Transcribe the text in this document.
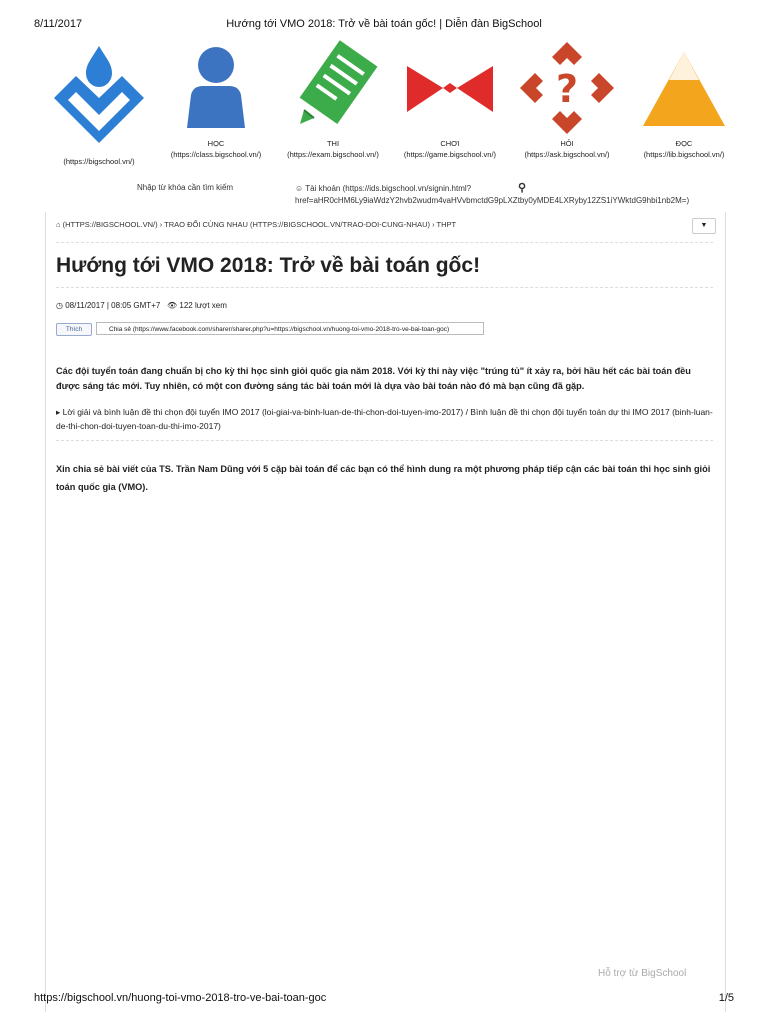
8/11/2017	Hướng tới VMO 2018: Trở về bài toán gốc! | Diễn đàn BigSchool
(https://bigschool.vn/)
HỌC
(https://class.bigschool.vn/)
THI
(https://exam.bigschool.vn/)
CHƠI
(https://game.bigschool.vn/)
?
HỎI
(https://ask.bigschool.vn/)
ĐỌC
(https://lib.bigschool.vn/)
Nhập từ khóa cần tìm kiếm	☺ Tài khoản (https://ids.bigschool.vn/signin.html?href=aHR0cHM6Ly9iaWdzY2hvb2wudm4vaHVvbmctdG9pLXZtby0yMDE4LXRyby12ZS1iYWktdG9hbi1nb2M=)
⚲
⌂ (HTTPS://BIGSCHOOL.VN/) › TRAO ĐỔI CÙNG NHAU (HTTPS://BIGSCHOOL.VN/TRAO-DOI-CUNG-NHAU) › THPT	▼
Hướng tới VMO 2018: Trở về bài toán gốc!
◷ 08/11/2017 | 08:05 GMT+7 👁 122 lượt xem
Thích	Chia sẻ (https://www.facebook.com/sharer/sharer.php?u=https://bigschool.vn/huong-toi-vmo-2018-tro-ve-bai-toan-goc)

Các đội tuyển toán đang chuẩn bị cho kỳ thi học sinh giỏi quốc gia năm 2018. Với kỳ thi này việc "trúng tủ" ít xảy ra, bởi hầu hết các bài toán đều được sáng tác mới. Tuy nhiên, có một con đường sáng tác bài toán mới là dựa vào bài toán nào đó mà bạn cũng đã gặp.

▸ Lời giải và bình luận đề thi chọn đội tuyển IMO 2017 (loi-giai-va-binh-luan-de-thi-chon-doi-tuyen-imo-2017) / Bình luận đề thi chọn đội tuyển toán dự thi IMO 2017 (binh-luan-de-thi-chon-doi-tuyen-toan-du-thi-imo-2017)

Xin chia sẻ bài viết của TS. Trần Nam Dũng với 5 cặp bài toán để các bạn có thể hình dung ra một phương pháp tiếp cận các bài toán thi học sinh giỏi toán quốc gia (VMO).

Hỗ trợ từ BigSchool
https://bigschool.vn/huong-toi-vmo-2018-tro-ve-bai-toan-goc	1/5
